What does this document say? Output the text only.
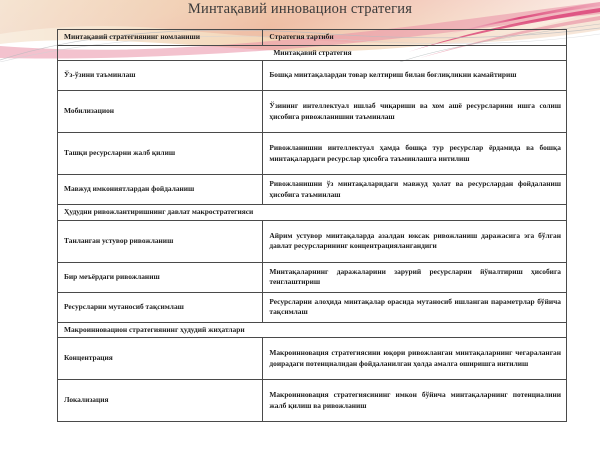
Минтақавий инновацион стратегия
Минтақавий стратегиянинг номланиши	Стратегия тартиби
Минтақавий стратегия	
Ўз-ўзини таъминлаш	Бошқа минтақалардан товар келтириш билан боғлиқликни камайтириш
Мобилизацион	Ўзининг интеллектуал ишлаб чиқариши ва хом ашё ресурсларини ишга солиш ҳисобига ривожланишни таъминлаш
Ташқи ресурсларни жалб қилиш	Ривожланишни интеллектуал ҳамда бошқа тур ресурслар ёрдамида ва бошқа минтақалардаги ресурслар ҳисобга таъминлашга интилиш
Мавжуд имкониятлардан фойдаланиш	Ривожланишни ўз минтақаларидаги мавжуд ҳолат ва ресурслардан фойдаланиш ҳисобига таъминлаш
Ҳудудни ривожлантиришнинг давлат макростратегияси	
Танланган устувор ривожланиш	Айрим устувор минтақаларда азалдан юксак ривожланиш даражасига эга бўлган давлат ресурсларининг концентрациялангандиги
Бир меъёрдаги ривожланиш	Минтақаларнинг даражаларини зарурий ресурсларни йўналтириш ҳисобига тенглаштириш
Ресурсларни мутаносиб тақсимлаш	Ресурсларни алоҳида минтақалар орасида мутаносиб ишланган параметрлар бўйича тақсимлаш
Макроинновацион стратегиянинг ҳудудий жиҳатлари	
Концентрация	Макроинновация стратегиясини юқори ривожланган минтақаларнинг чегараланган доирадаги потенциалидан фойдаланилган ҳолда амалга оширишга интилиш
Локализация	Макроинновация стратегиясининг имкон бўйича минтақаларнинг потенциалини жалб қилиш ва ривожланиш
